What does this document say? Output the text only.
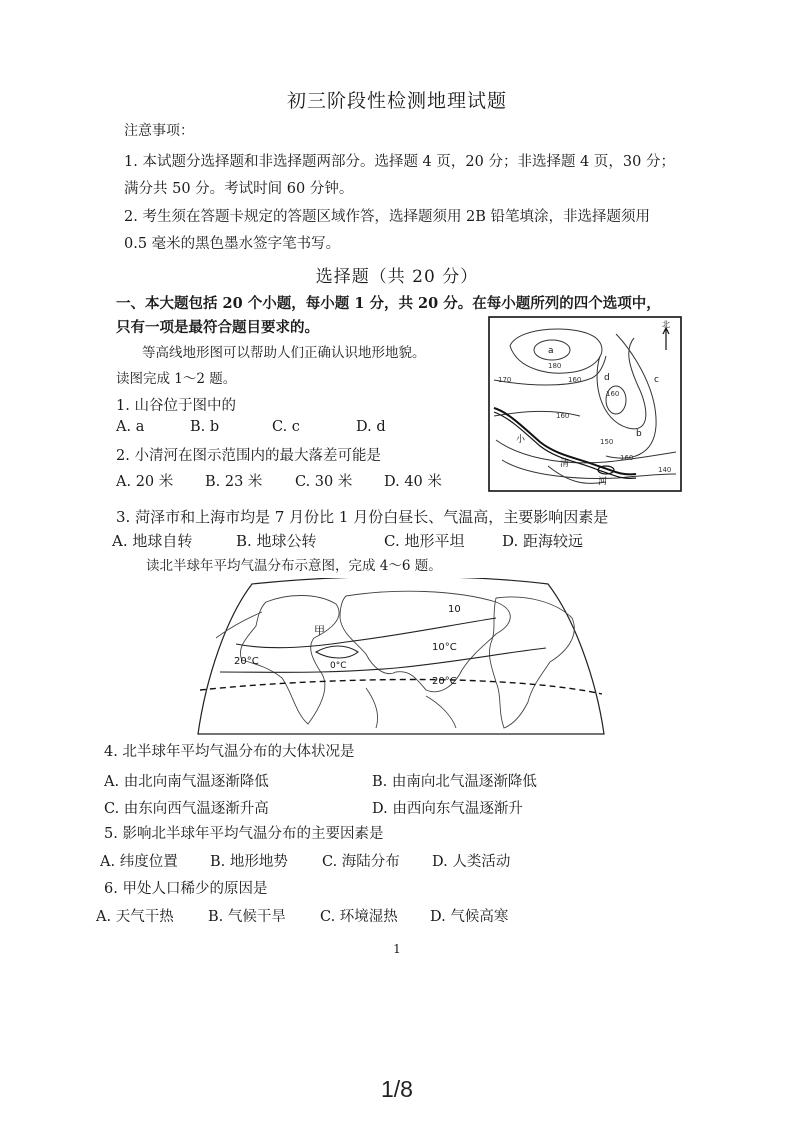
初三阶段性检测地理试题
注意事项：
1. 本试题分选择题和非选择题两部分。选择题 4 页，20 分；非选择题 4 页，30 分；
满分共 50 分。考试时间 60 分钟。
2. 考生须在答题卡规定的答题区域作答，选择题须用 2B 铅笔填涂，非选择题须用
0.5 毫米的黑色墨水签字笔书写。
选择题（共 20 分）
一、本大题包括 20 个小题，每小题 1 分，共 20 分。在每小题所列的四个选项中，
只有一项是最符合题目要求的。
等高线地形图可以帮助人们正确认识地形地貌。
读图完成 1～2 题。
北
a
b
c
d
180
170	160
160
160
160
140
150
小
清
河
1. 山谷位于图中的
A. a	B. b	C. c	D. d
2. 小清河在图示范围内的最大落差可能是
A. 20 米 B. 23 米 C. 30 米 D. 40 米
3. 菏泽市和上海市均是 7 月份比 1 月份白昼长、气温高，主要影响因素是
A. 地球自转	B. 地球公转	C. 地形平坦	D. 距海较远
读北半球年平均气温分布示意图，完成 4～6 题。
甲
10
20°C	0°C
10°C
20°C
4. 北半球年平均气温分布的大体状况是
A. 由北向南气温逐渐降低	B. 由南向北气温逐渐降低
C. 由东向西气温逐渐升高	D. 由西向东气温逐渐升
5. 影响北半球年平均气温分布的主要因素是
A. 纬度位置 B. 地形地势 C. 海陆分布 D. 人类活动
6. 甲处人口稀少的原因是
A. 天气干热 B. 气候干旱 C. 环境湿热 D. 气候高寒
1
1/8
